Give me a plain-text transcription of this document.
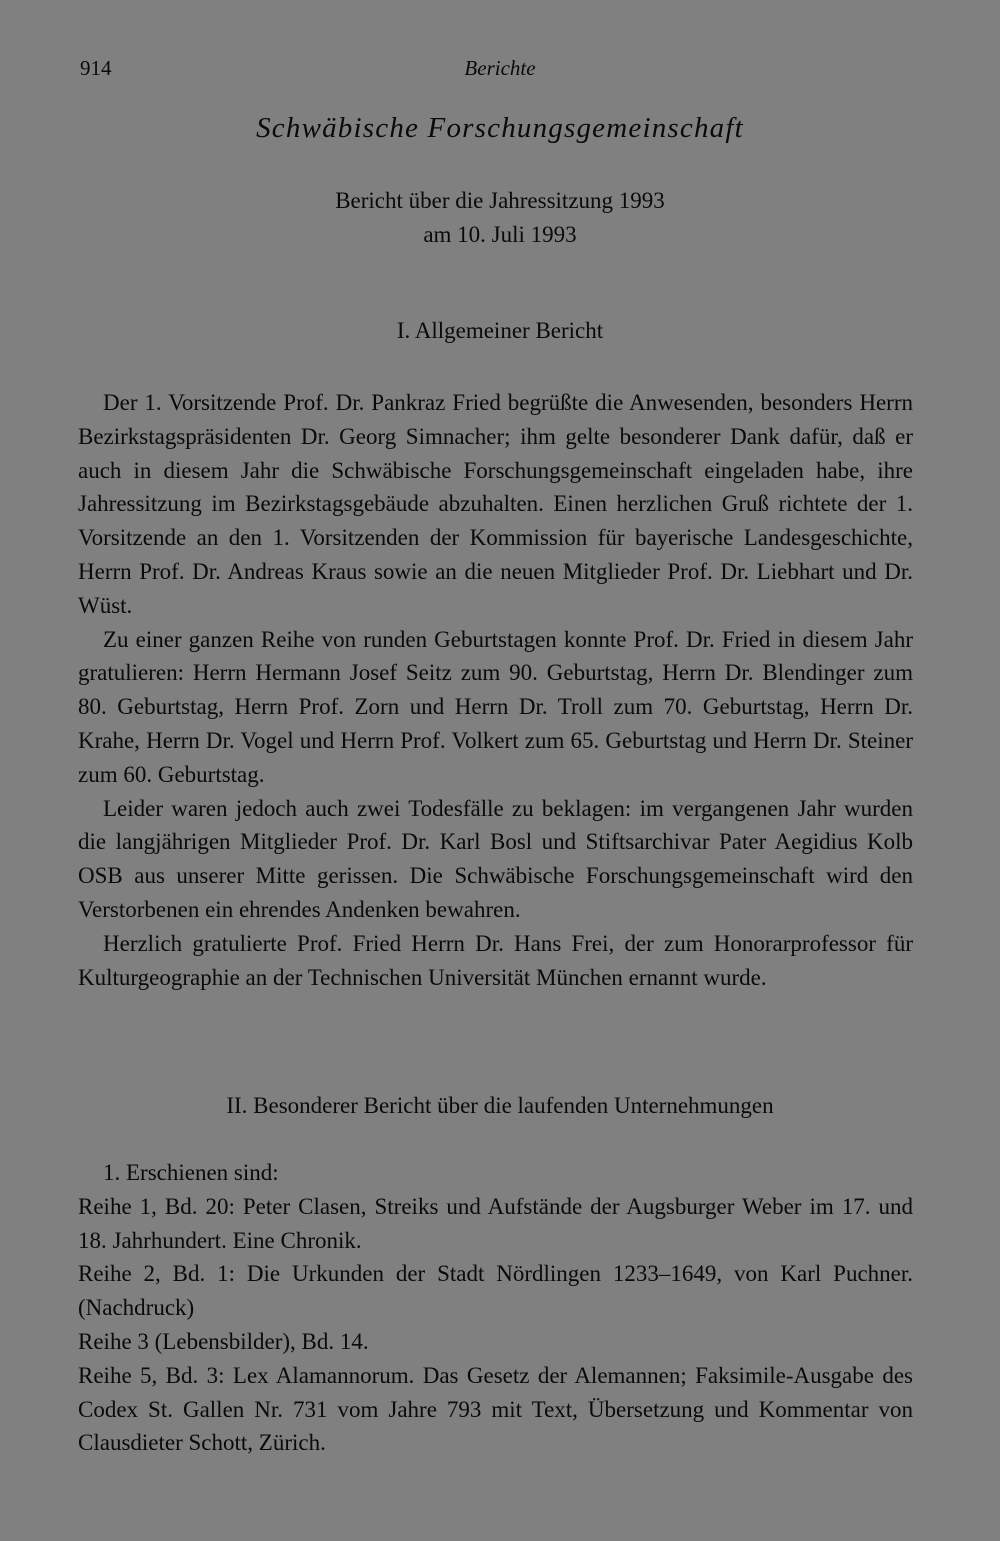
914	Berichte
Schwäbische Forschungsgemeinschaft
Bericht über die Jahressitzung 1993
am 10. Juli 1993
I. Allgemeiner Bericht

Der 1. Vorsitzende Prof. Dr. Pankraz Fried begrüßte die Anwesenden, besonders Herrn Bezirkstagspräsidenten Dr. Georg Simnacher; ihm gelte besonderer Dank dafür, daß er auch in diesem Jahr die Schwäbische Forschungsgemeinschaft eingeladen habe, ihre Jahressitzung im Bezirkstagsgebäude abzuhalten. Einen herzlichen Gruß richtete der 1. Vorsitzende an den 1. Vorsitzenden der Kommission für bayerische Landesgeschichte, Herrn Prof. Dr. Andreas Kraus sowie an die neuen Mitglieder Prof. Dr. Liebhart und Dr. Wüst.

Zu einer ganzen Reihe von runden Geburtstagen konnte Prof. Dr. Fried in diesem Jahr gratulieren: Herrn Hermann Josef Seitz zum 90. Geburtstag, Herrn Dr. Blendinger zum 80. Geburtstag, Herrn Prof. Zorn und Herrn Dr. Troll zum 70. Geburtstag, Herrn Dr. Krahe, Herrn Dr. Vogel und Herrn Prof. Volkert zum 65. Geburtstag und Herrn Dr. Steiner zum 60. Geburtstag.

Leider waren jedoch auch zwei Todesfälle zu beklagen: im vergangenen Jahr wurden die langjährigen Mitglieder Prof. Dr. Karl Bosl und Stiftsarchivar Pater Aegidius Kolb OSB aus unserer Mitte gerissen. Die Schwäbische Forschungsgemeinschaft wird den Verstorbenen ein ehrendes Andenken bewahren.

Herzlich gratulierte Prof. Fried Herrn Dr. Hans Frei, der zum Honorarprofessor für Kulturgeographie an der Technischen Universität München ernannt wurde.

II. Besonderer Bericht über die laufenden Unternehmungen

1. Erschienen sind:

Reihe 1, Bd. 20: Peter Clasen, Streiks und Aufstände der Augsburger Weber im 17. und 18. Jahrhundert. Eine Chronik.

Reihe 2, Bd. 1: Die Urkunden der Stadt Nördlingen 1233–1649, von Karl Puchner. (Nachdruck)

Reihe 3 (Lebensbilder), Bd. 14.

Reihe 5, Bd. 3: Lex Alamannorum. Das Gesetz der Alemannen; Faksimile-Ausgabe des Codex St. Gallen Nr. 731 vom Jahre 793 mit Text, Übersetzung und Kommentar von Clausdieter Schott, Zürich.
